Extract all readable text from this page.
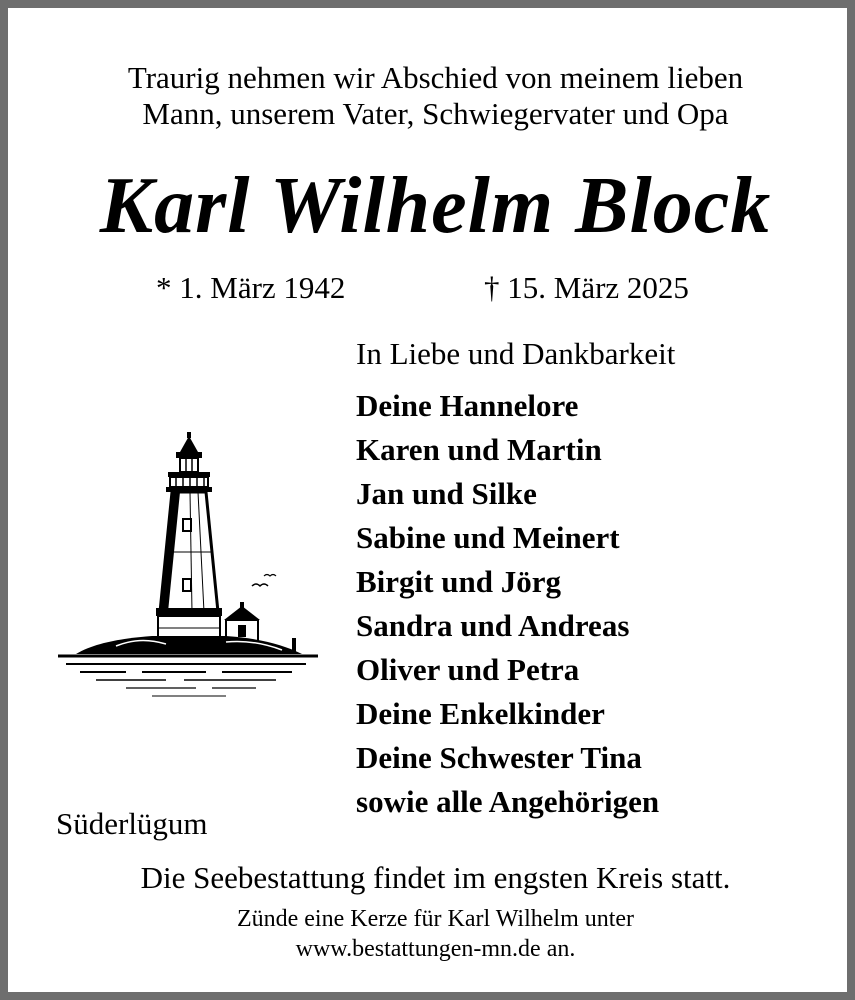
Traurig nehmen wir Abschied von meinem lieben
Mann, unserem Vater, Schwiegervater und Opa
Karl Wilhelm Block
* 1. März 1942	† 15. März 2025
In Liebe und Dankbarkeit
Deine Hannelore
Karen und Martin
Jan und Silke
Sabine und Meinert
Birgit und Jörg
Sandra und Andreas
Oliver und Petra
Deine Enkelkinder
Deine Schwester Tina
sowie alle Angehörigen
Süderlügum
Die Seebestattung findet im engsten Kreis statt.
Zünde eine Kerze für Karl Wilhelm unter
www.bestattungen-mn.de an.
